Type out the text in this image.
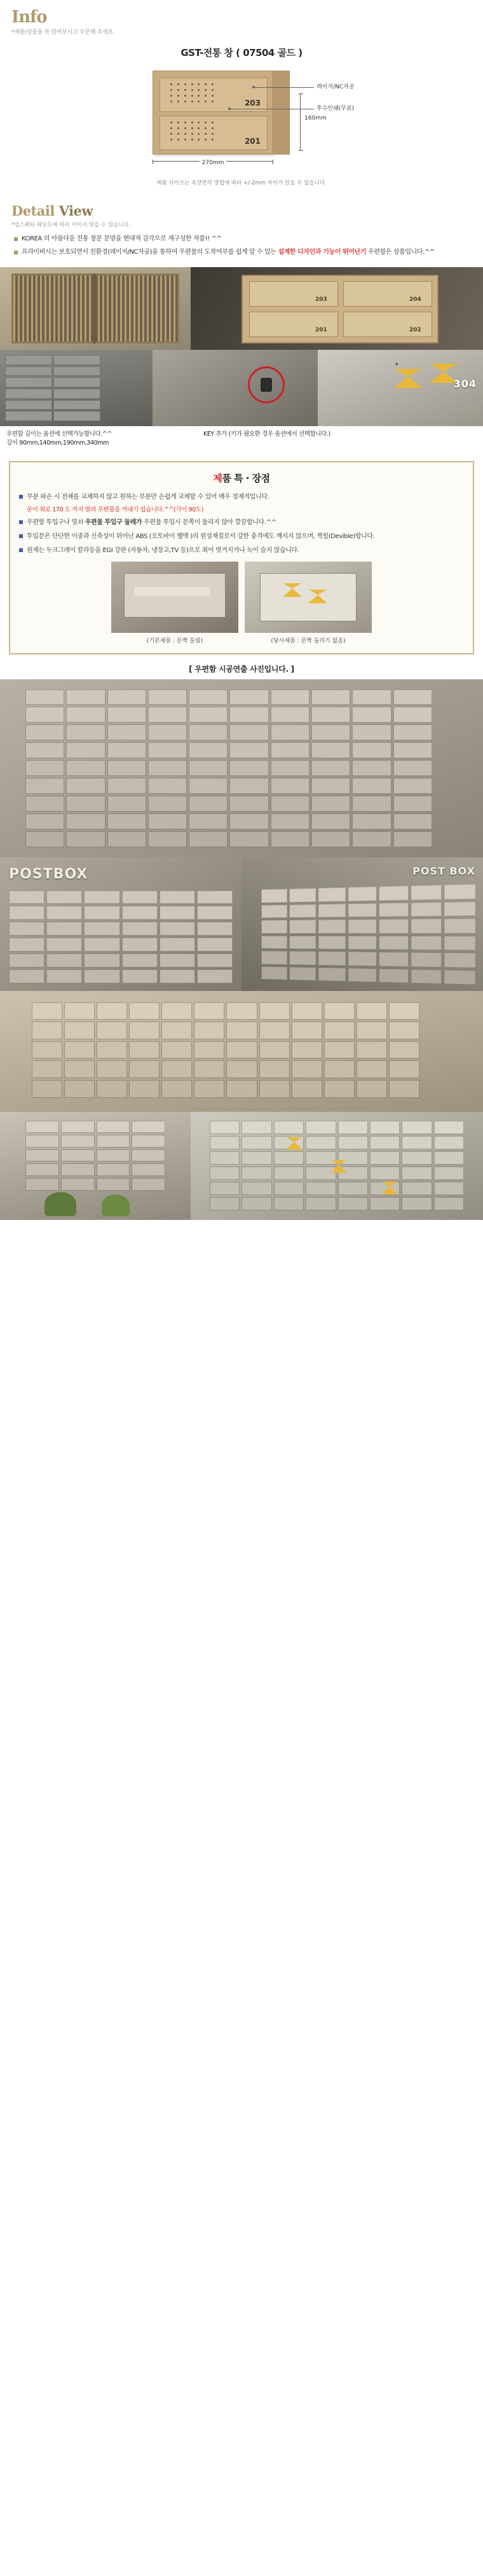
Info
*제품/상품을 꼭 읽어보시고 주문해 주세요.
GST-전통 창 ( 07504 골드 )
203
201
레이저/NC자공
후수인쇄(무료)
$^{270mm}$
160mm
제품 사이즈는 속장면의 방법에 따라 +/-2mm 차이가 있을 수 있습니다.
Detail View
*업스펙터 해당도에 따라 이미지 양을 수 있습니다.
KOREA 의 아름다운 전통 창문 문양을 현대적 감각으로 재구성한 작품!! ^^
프라이버시는 보호되면서 친환경(레이저/NC자공)을 통하여 우편물의 도착여부를 쉽게 알 수 있는 설계한 디자인과 기능이 뛰어난기 우편함은 상품입니다.^^
203	204
201	202
✦
304
우편함 깊이는 옵션에 선택가능합니다.^^
깊이 90mm,140mm,190mm,340mm
KEY 추가 (키가 필요한 경우 옵션에서 선택합니다.)
제품 특 · 장점
무분 파손 시 전체를 교체하지 않고 원하는 부분만 손쉽게 교체할 수 있어 매우 경제적입니다.
문이 위로 170 도 까지 열려 우편물을 꺼내기 쉽습니다.^^(각이 90도)
우편함 투입구나 열쇠 우편물 투입구 둘레가 우편물 투입시 문쪽이 둘리지 않아 깔끔합니다.^^
투입문은 단단한 이중과 신축성이 뛰어난 ABS (오토바이 헬멧 )의 원성재질로서 강한 충격에도 깨지지 않으며, 찍힘(Devible)합니다.
원제는 두크그레이 칼라등을 EGI 강판 (자동차, 냉장고,TV 등)으로 최어 벗겨지거나 녹이 슬지 않습니다.
(기본제품 : 문짝 둘림)	(당사제품 : 문짝 둘리기 없음)
[ 우편함 시공연출 사진입니다. ]
POSTBOX	POST BOX
